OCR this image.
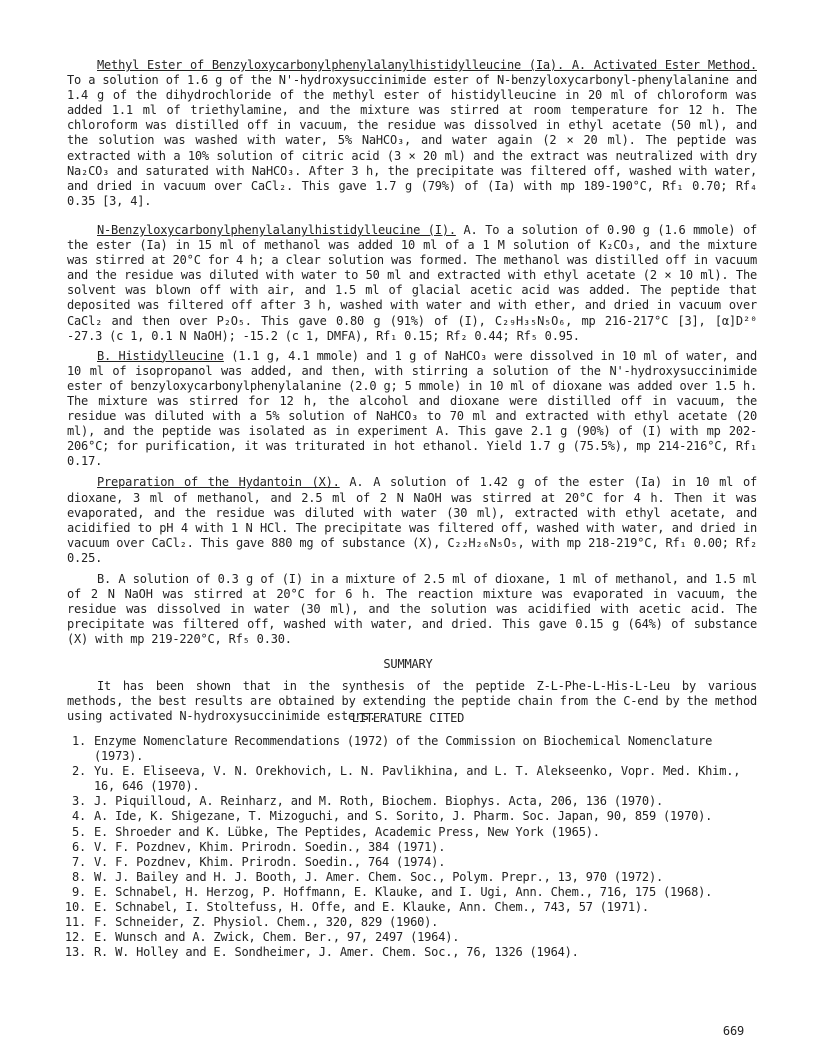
Methyl Ester of Benzyloxycarbonylphenylalanylhistidylleucine (Ia). A. Activated Ester Method. To a solution of 1.6 g of the N'-hydroxysuccinimide ester of N-benzyloxycarbonyl-phenylalanine and 1.4 g of the dihydrochloride of the methyl ester of histidylleucine in 20 ml of chloroform was added 1.1 ml of triethylamine, and the mixture was stirred at room temperature for 12 h. The chloroform was distilled off in vacuum, the residue was dissolved in ethyl acetate (50 ml), and the solution was washed with water, 5% NaHCO₃, and water again (2 × 20 ml). The peptide was extracted with a 10% solution of citric acid (3 × 20 ml) and the extract was neutralized with dry Na₂CO₃ and saturated with NaHCO₃. After 3 h, the precipitate was filtered off, washed with water, and dried in vacuum over CaCl₂. This gave 1.7 g (79%) of (Ia) with mp 189-190°C, Rf₁ 0.70; Rf₄ 0.35 [3, 4].

N-Benzyloxycarbonylphenylalanylhistidylleucine (I). A. To a solution of 0.90 g (1.6 mmole) of the ester (Ia) in 15 ml of methanol was added 10 ml of a 1 M solution of K₂CO₃, and the mixture was stirred at 20°C for 4 h; a clear solution was formed. The methanol was distilled off in vacuum and the residue was diluted with water to 50 ml and extracted with ethyl acetate (2 × 10 ml). The solvent was blown off with air, and 1.5 ml of glacial acetic acid was added. The peptide that deposited was filtered off after 3 h, washed with water and with ether, and dried in vacuum over CaCl₂ and then over P₂O₅. This gave 0.80 g (91%) of (I), C₂₉H₃₅N₅O₆, mp 216-217°C [3], [α]D²⁰ -27.3 (c 1, 0.1 N NaOH); -15.2 (c 1, DMFA), Rf₁ 0.15; Rf₂ 0.44; Rf₅ 0.95.

B. Histidylleucine (1.1 g, 4.1 mmole) and 1 g of NaHCO₃ were dissolved in 10 ml of water, and 10 ml of isopropanol was added, and then, with stirring a solution of the N'-hydroxysuccinimide ester of benzyloxycarbonylphenylalanine (2.0 g; 5 mmole) in 10 ml of dioxane was added over 1.5 h. The mixture was stirred for 12 h, the alcohol and dioxane were distilled off in vacuum, the residue was diluted with a 5% solution of NaHCO₃ to 70 ml and extracted with ethyl acetate (20 ml), and the peptide was isolated as in experiment A. This gave 2.1 g (90%) of (I) with mp 202-206°C; for purification, it was triturated in hot ethanol. Yield 1.7 g (75.5%), mp 214-216°C, Rf₁ 0.17.

Preparation of the Hydantoin (X). A. A solution of 1.42 g of the ester (Ia) in 10 ml of dioxane, 3 ml of methanol, and 2.5 ml of 2 N NaOH was stirred at 20°C for 4 h. Then it was evaporated, and the residue was diluted with water (30 ml), extracted with ethyl acetate, and acidified to pH 4 with 1 N HCl. The precipitate was filtered off, washed with water, and dried in vacuum over CaCl₂. This gave 880 mg of substance (X), C₂₂H₂₆N₅O₅, with mp 218-219°C, Rf₁ 0.00; Rf₂ 0.25.

B. A solution of 0.3 g of (I) in a mixture of 2.5 ml of dioxane, 1 ml of methanol, and 1.5 ml of 2 N NaOH was stirred at 20°C for 6 h. The reaction mixture was evaporated in vacuum, the residue was dissolved in water (30 ml), and the solution was acidified with acetic acid. The precipitate was filtered off, washed with water, and dried. This gave 0.15 g (64%) of substance (X) with mp 219-220°C, Rf₅ 0.30.

SUMMARY

It has been shown that in the synthesis of the peptide Z-L-Phe-L-His-L-Leu by various methods, the best results are obtained by extending the peptide chain from the C-end by the method using activated N-hydroxysuccinimide esters.

LITERATURE CITED
1. Enzyme Nomenclature Recommendations (1972) of the Commission on Biochemical Nomenclature (1973).
2. Yu. E. Eliseeva, V. N. Orekhovich, L. N. Pavlikhina, and L. T. Alekseenko, Vopr. Med. Khim., 16, 646 (1970).
3. J. Piquilloud, A. Reinharz, and M. Roth, Biochem. Biophys. Acta, 206, 136 (1970).
4. A. Ide, K. Shigezane, T. Mizoguchi, and S. Sorito, J. Pharm. Soc. Japan, 90, 859 (1970).
5. E. Shroeder and K. Lübke, The Peptides, Academic Press, New York (1965).
6. V. F. Pozdnev, Khim. Prirodn. Soedin., 384 (1971).
7. V. F. Pozdnev, Khim. Prirodn. Soedin., 764 (1974).
8. W. J. Bailey and H. J. Booth, J. Amer. Chem. Soc., Polym. Prepr., 13, 970 (1972).
9. E. Schnabel, H. Herzog, P. Hoffmann, E. Klauke, and I. Ugi, Ann. Chem., 716, 175 (1968).
10. E. Schnabel, I. Stoltefuss, H. Offe, and E. Klauke, Ann. Chem., 743, 57 (1971).
11. F. Schneider, Z. Physiol. Chem., 320, 829 (1960).
12. E. Wunsch and A. Zwick, Chem. Ber., 97, 2497 (1964).
13. R. W. Holley and E. Sondheimer, J. Amer. Chem. Soc., 76, 1326 (1964).
669
